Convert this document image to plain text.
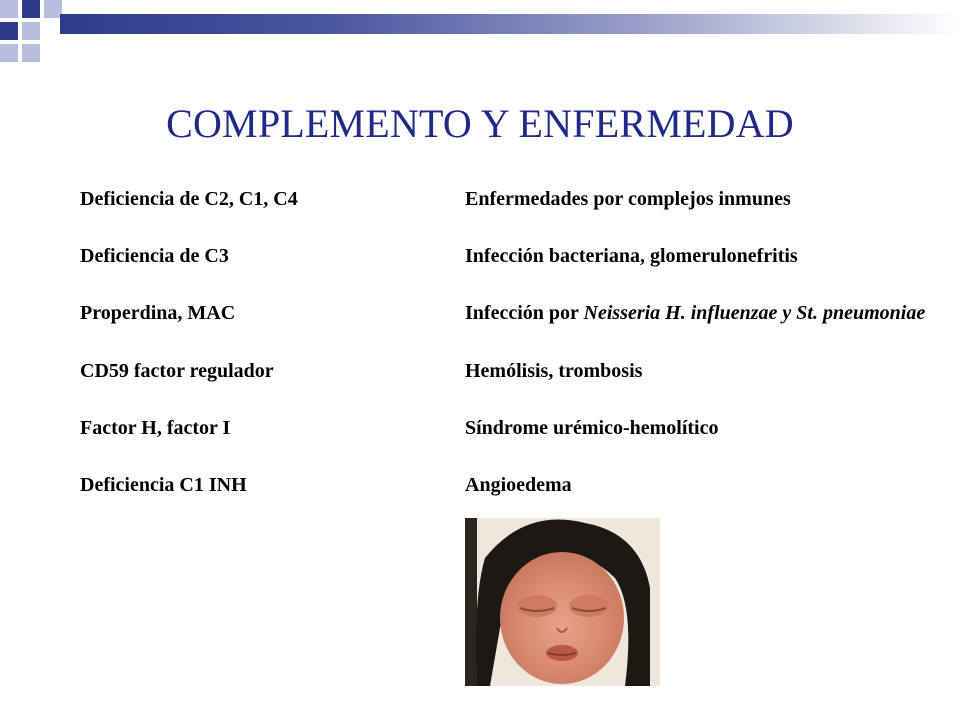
COMPLEMENTO Y ENFERMEDAD
Deficiencia de C2, C1, C4	Enfermedades por complejos inmunes
Deficiencia de C3	Infección bacteriana, glomerulonefritis
Properdina, MAC	Infección por Neisseria H. influenzae y St. pneumoniae
CD59 factor regulador	Hemólisis, trombosis
Factor H, factor I	Síndrome urémico-hemolítico
Deficiencia C1 INH	Angioedema
